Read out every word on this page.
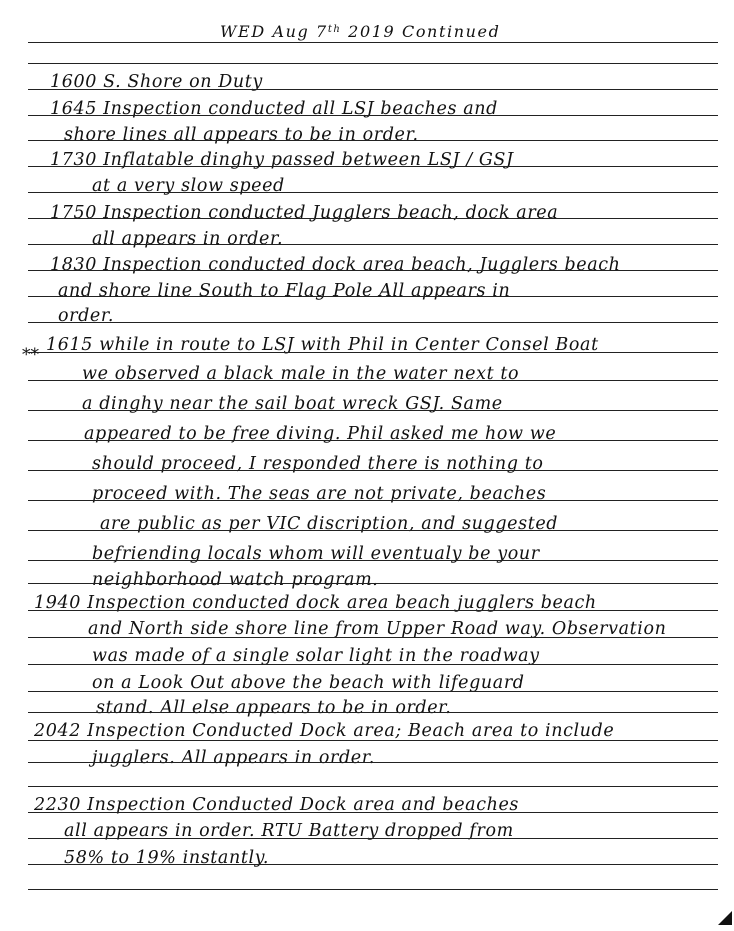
WED Aug 7th 2019 Continued
**
1600 S. Shore on Duty
1645 Inspection conducted all LSJ beaches and
shore lines all appears to be in order.
1730 Inflatable dinghy passed between LSJ / GSJ
at a very slow speed
1750 Inspection conducted Jugglers beach, dock area
all appears in order.
1830 Inspection conducted dock area beach, Jugglers beach
and shore line South to Flag Pole All appears in
order.
1615 while in route to LSJ with Phil in Center Consel Boat
we observed a black male in the water next to
a dinghy near the sail boat wreck GSJ. Same
appeared to be free diving. Phil asked me how we
should proceed, I responded there is nothing to
proceed with. The seas are not private, beaches
are public as per VIC discription, and suggested
befriending locals whom will eventualy be your
neighborhood watch program.
1940 Inspection conducted dock area beach jugglers beach
and North side shore line from Upper Road way. Observation
was made of a single solar light in the roadway
on a Look Out above the beach with lifeguard
stand. All else appears to be in order.
2042 Inspection Conducted Dock area; Beach area to include
jugglers. All appears in order.
2230 Inspection Conducted Dock area and beaches
all appears in order. RTU Battery dropped from
58% to 19% instantly.
